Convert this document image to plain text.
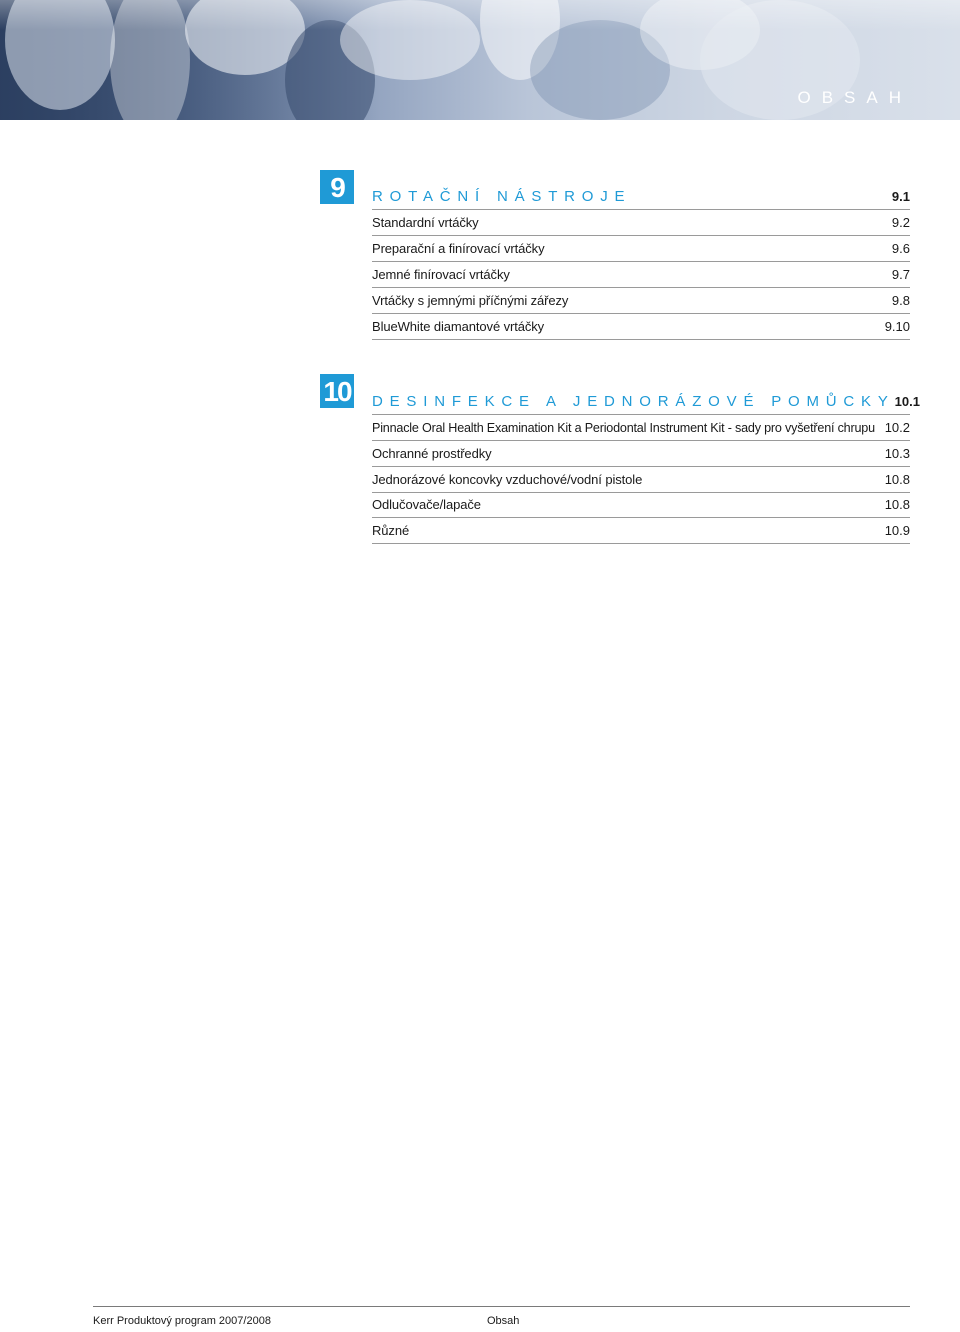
OBSAH
9	ROTAČNÍ NÁSTROJE	9.1
Standardní vrtáčky	9.2
Preparační a finírovací vrtáčky	9.6
Jemné finírovací vrtáčky	9.7
Vrtáčky s jemnými příčnými zářezy	9.8
BlueWhite diamantové vrtáčky	9.10
10 DESINFEKCE A JEDNORÁZOVÉ POMŮCKY 10.1
Pinnacle Oral Health Examination Kit a Periodontal Instrument Kit - sady pro vyšetření chrupu 10.2
Ochranné prostředky	10.3
Jednorázové koncovky vzduchové/vodní pistole	10.8
Odlučovače/lapače	10.8
Různé	10.9
Kerr Produktový program 2007/2008	Obsah
